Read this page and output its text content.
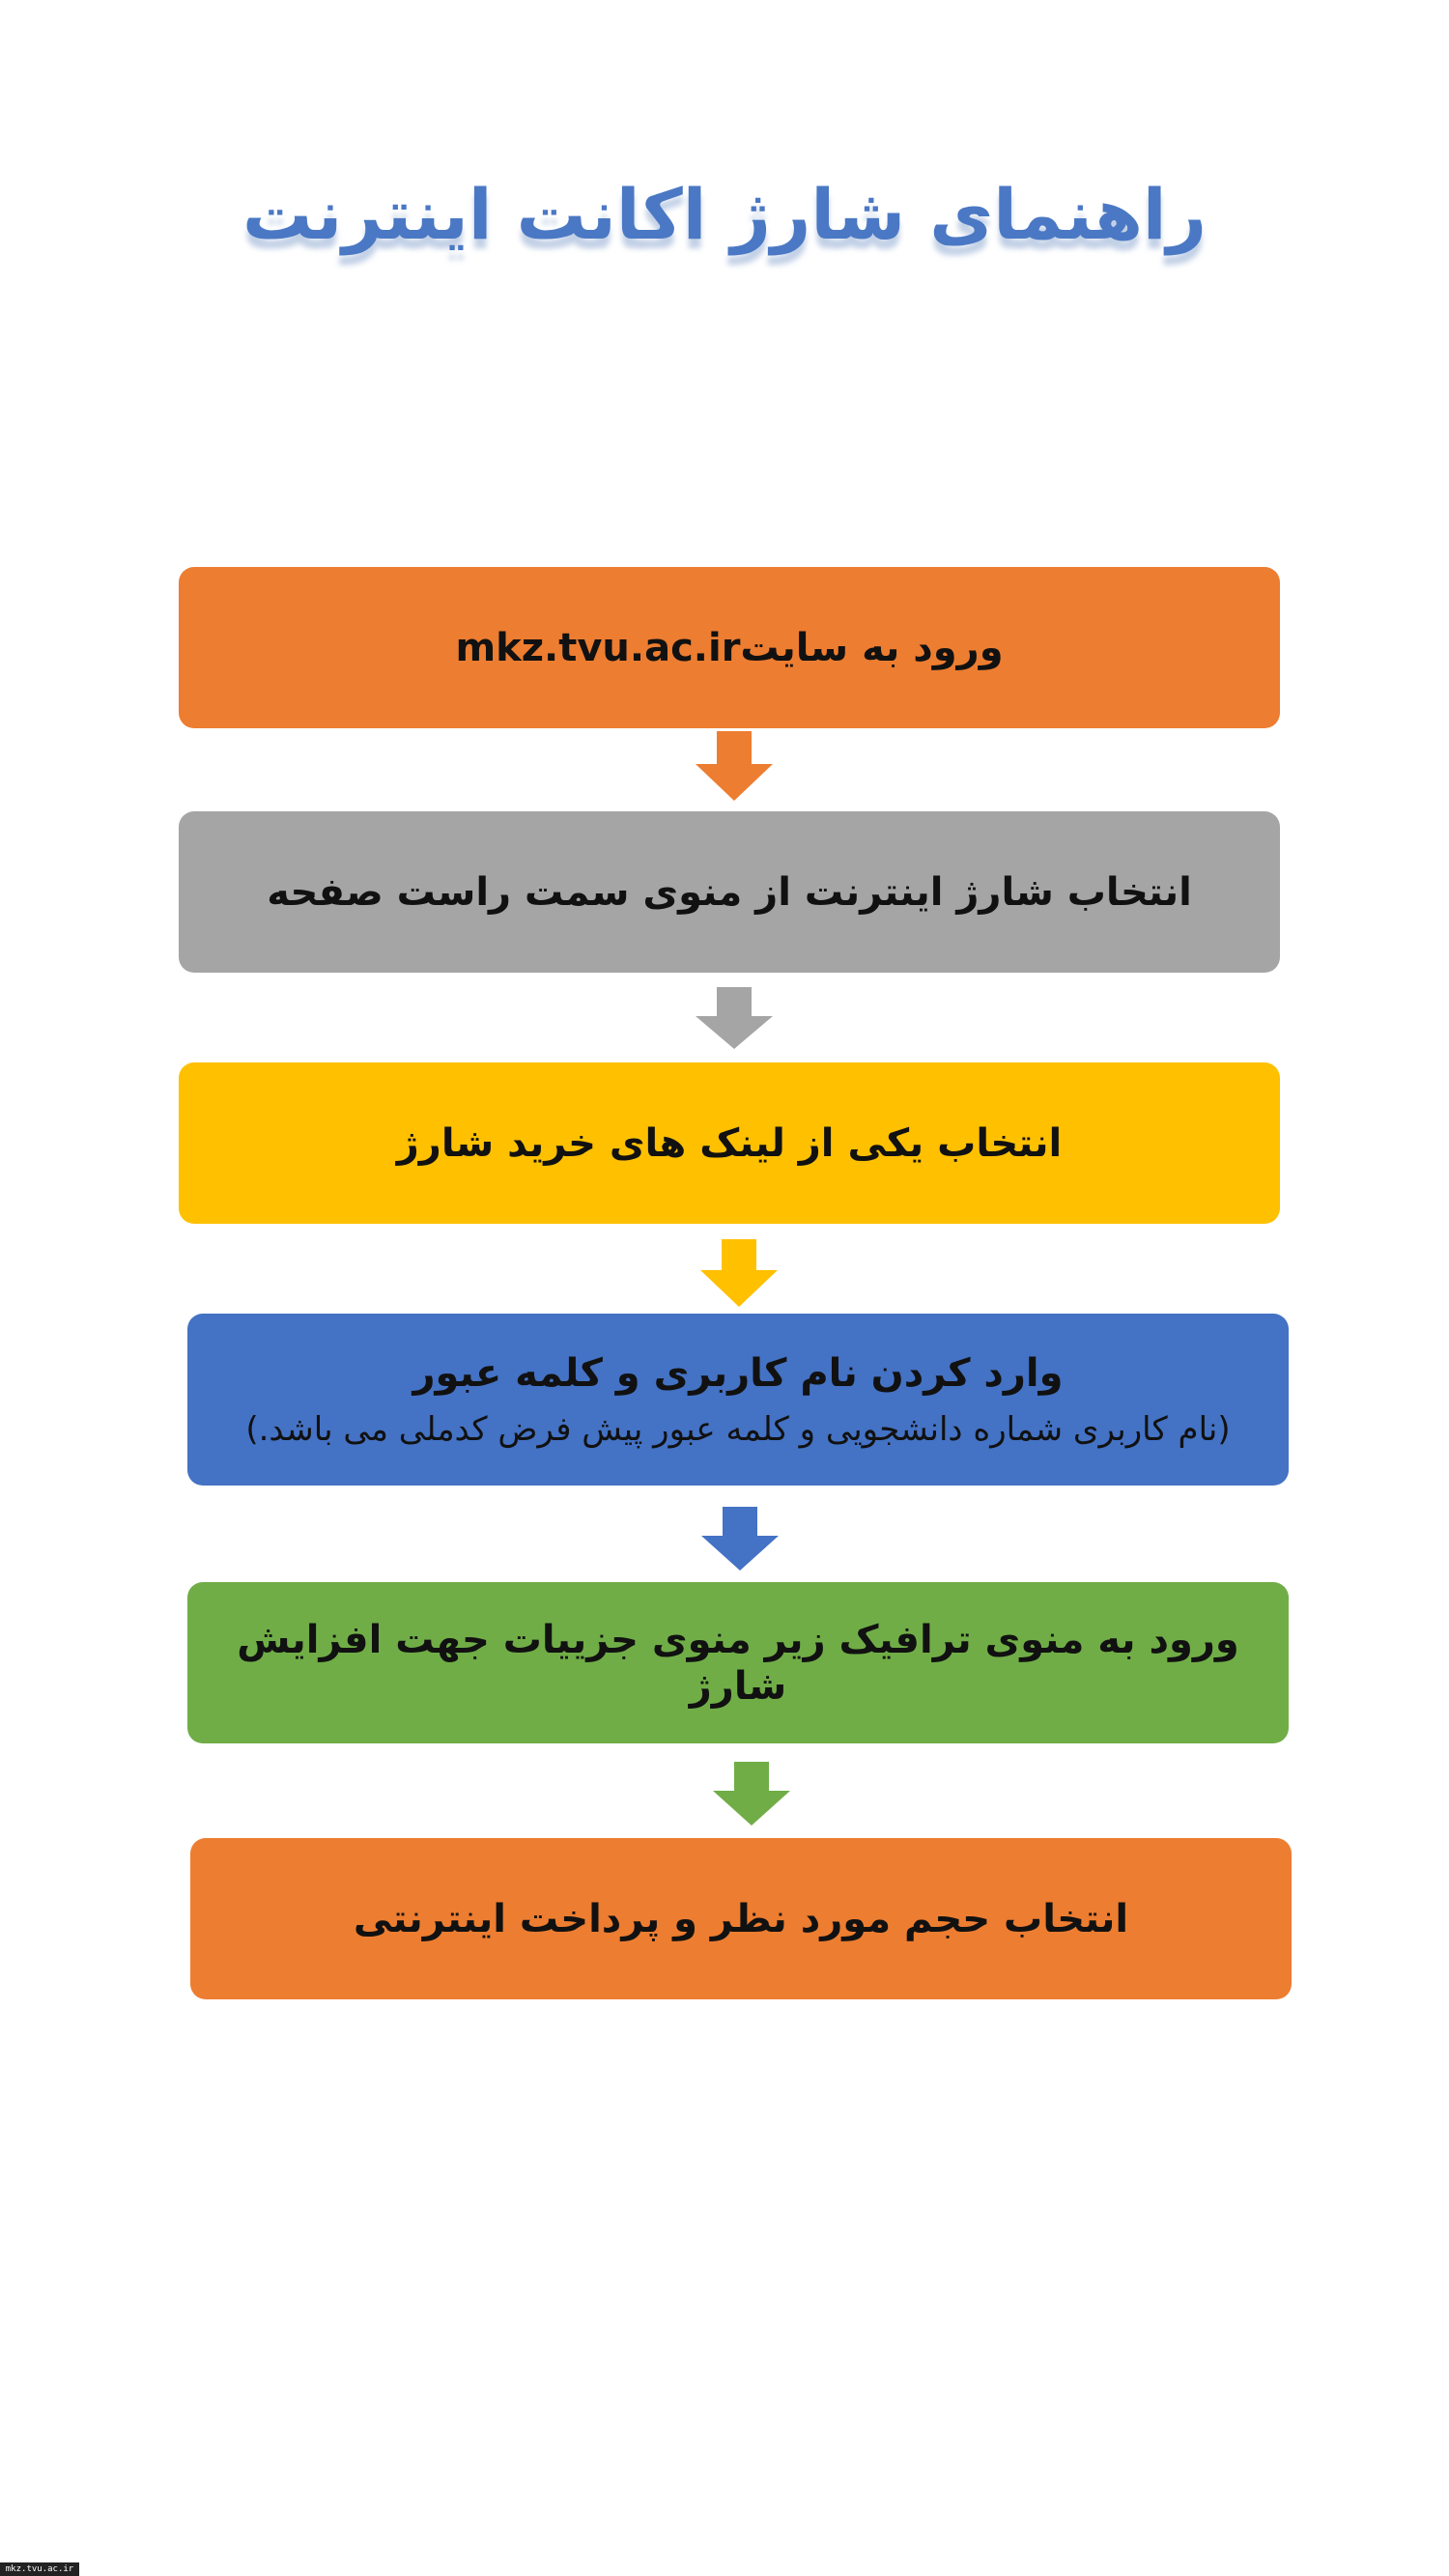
راهنمای شارژ اکانت اینترنت
ورود به سایتmkz.tvu.ac.ir
انتخاب شارژ اینترنت از منوی سمت راست صفحه
انتخاب یکی از لینک های خرید شارژ
وارد کردن نام کاربری و کلمه عبور
(نام کاربری شماره دانشجویی و کلمه عبور پیش فرض کدملی می باشد.)
ورود به منوی ترافیک زیر منوی جزییات جهت افزایش شارژ
انتخاب حجم مورد نظر و پرداخت اینترنتی
mkz.tvu.ac.ir
